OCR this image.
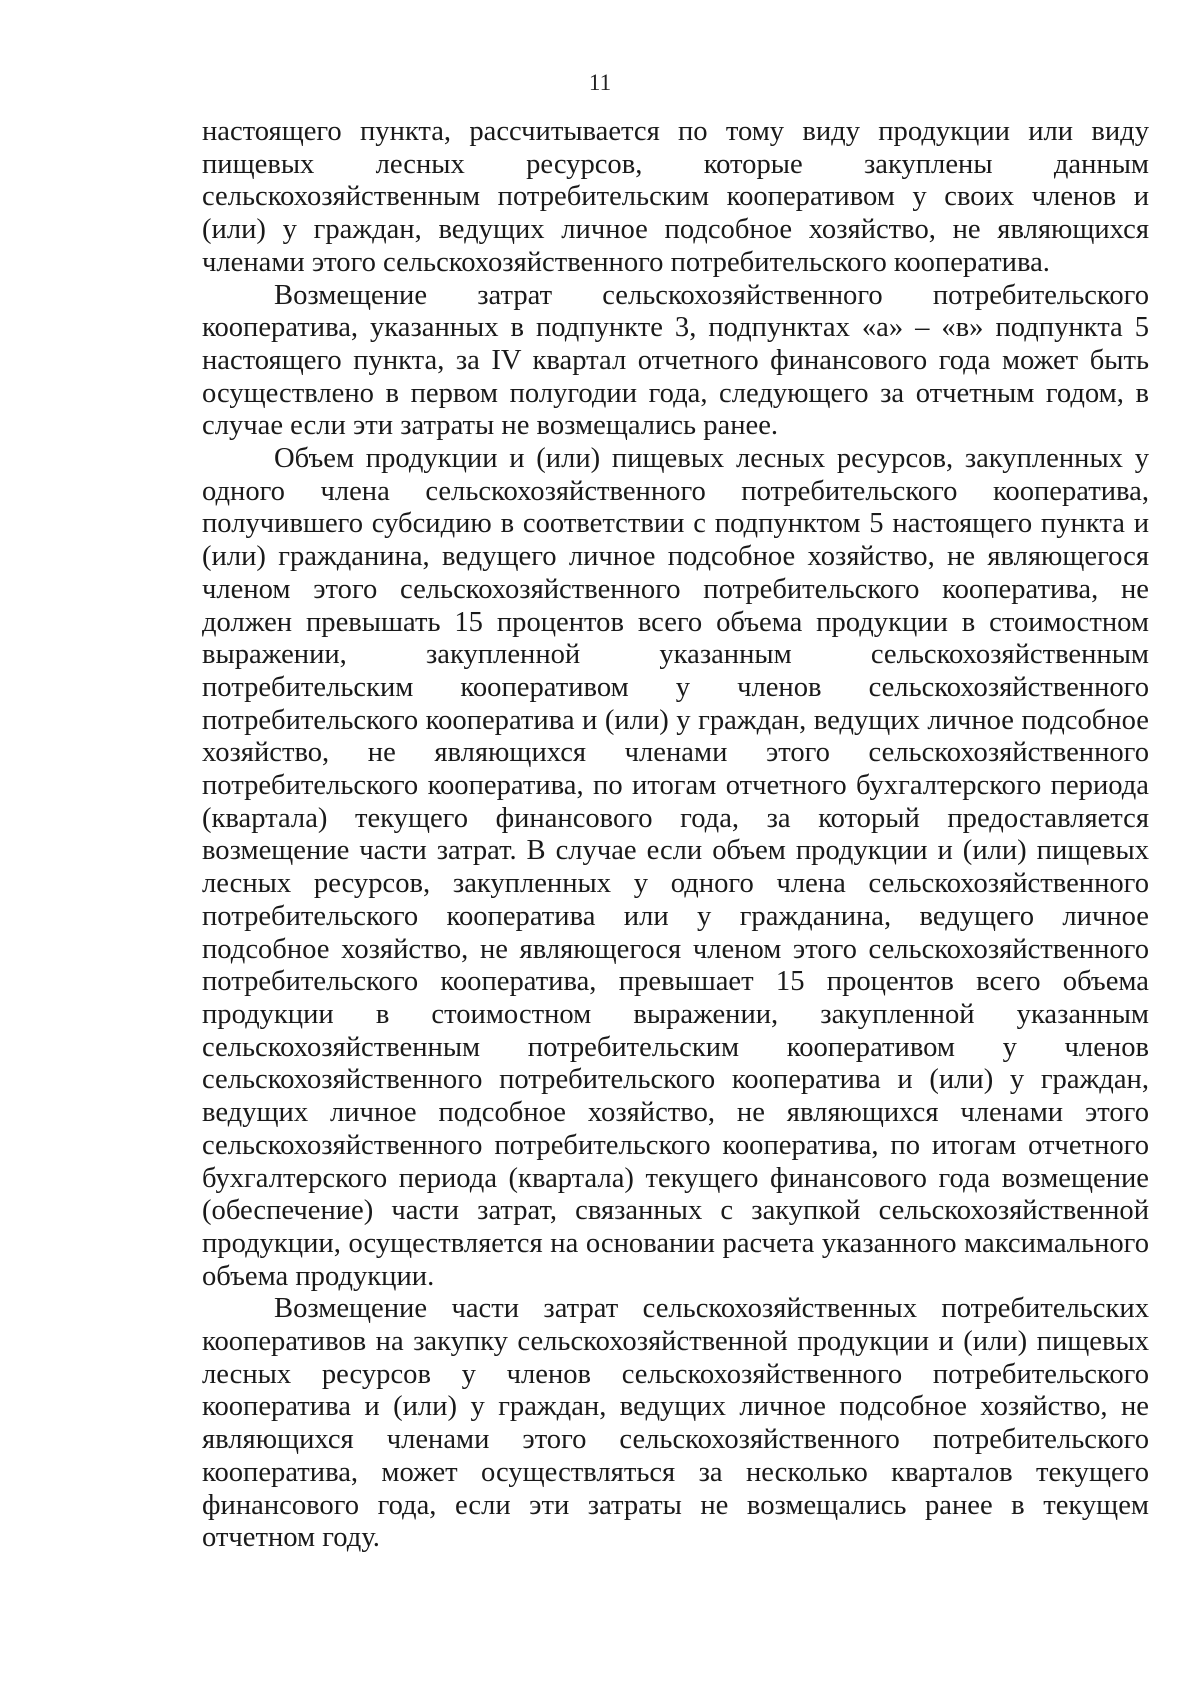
11

настоящего пункта, рассчитывается по тому виду продукции или виду пищевых лесных ресурсов, которые закуплены данным сельскохозяйственным потребительским кооперативом у своих членов и (или) у граждан, ведущих личное подсобное хозяйство, не являющихся членами этого сельскохозяйственного потребительского кооператива.

Возмещение затрат сельскохозяйственного потребительского кооператива, указанных в подпункте 3, подпунктах «а» – «в» подпункта 5 настоящего пункта, за IV квартал отчетного финансового года может быть осуществлено в первом полугодии года, следующего за отчетным годом, в случае если эти затраты не возмещались ранее.

Объем продукции и (или) пищевых лесных ресурсов, закупленных у одного члена сельскохозяйственного потребительского кооператива, получившего субсидию в соответствии с подпунктом 5 настоящего пункта и (или) гражданина, ведущего личное подсобное хозяйство, не являющегося членом этого сельскохозяйственного потребительского кооператива, не должен превышать 15 процентов всего объема продукции в стоимостном выражении, закупленной указанным сельскохозяйственным потребительским кооперативом у членов сельскохозяйственного потребительского кооператива и (или) у граждан, ведущих личное подсобное хозяйство, не являющихся членами этого сельскохозяйственного потребительского кооператива, по итогам отчетного бухгалтерского периода (квартала) текущего финансового года, за который предоставляется возмещение части затрат. В случае если объем продукции и (или) пищевых лесных ресурсов, закупленных у одного члена сельскохозяйственного потребительского кооператива или у гражданина, ведущего личное подсобное хозяйство, не являющегося членом этого сельскохозяйственного потребительского кооператива, превышает 15 процентов всего объема продукции в стоимостном выражении, закупленной указанным сельскохозяйственным потребительским кооперативом у членов сельскохозяйственного потребительского кооператива и (или) у граждан, ведущих личное подсобное хозяйство, не являющихся членами этого сельскохозяйственного потребительского кооператива, по итогам отчетного бухгалтерского периода (квартала) текущего финансового года возмещение (обеспечение) части затрат, связанных с закупкой сельскохозяйственной продукции, осуществляется на основании расчета указанного максимального объема продукции.

Возмещение части затрат сельскохозяйственных потребительских кооперативов на закупку сельскохозяйственной продукции и (или) пищевых лесных ресурсов у членов сельскохозяйственного потребительского кооператива и (или) у граждан, ведущих личное подсобное хозяйство, не являющихся членами этого сельскохозяйственного потребительского кооператива, может осуществляться за несколько кварталов текущего финансового года, если эти затраты не возмещались ранее в текущем отчетном году.
